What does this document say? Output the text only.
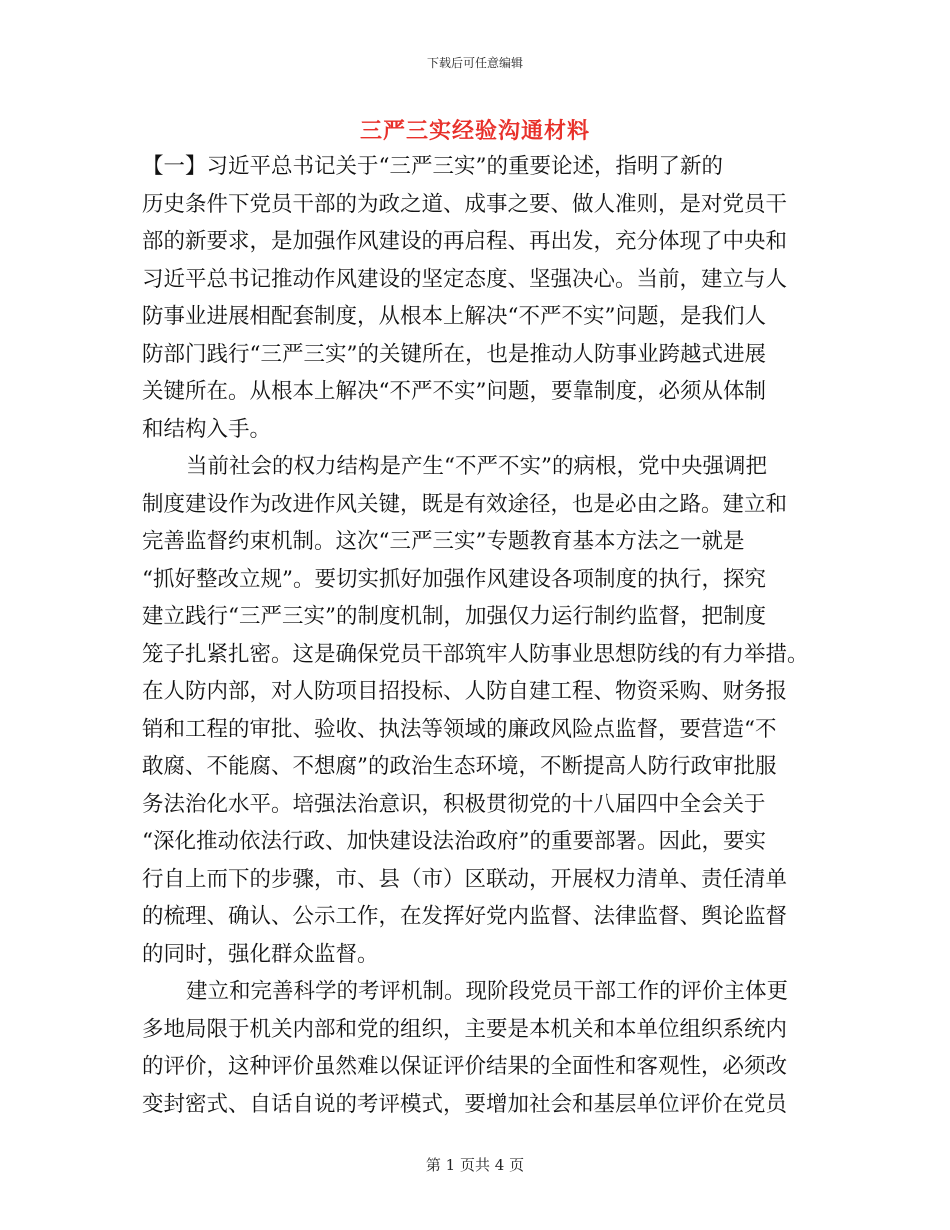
下载后可任意编辑
三严三实经验沟通材料
【一】习近平总书记关于“三严三实”的重要论述，指明了新的
历史条件下党员干部的为政之道、成事之要、做人准则，是对党员干
部的新要求，是加强作风建设的再启程、再出发，充分体现了中央和
习近平总书记推动作风建设的坚定态度、坚强决心。当前，建立与人
防事业进展相配套制度，从根本上解决“不严不实”问题，是我们人
防部门践行“三严三实”的关键所在，也是推动人防事业跨越式进展
关键所在。从根本上解决“不严不实”问题，要靠制度，必须从体制
和结构入手。
当前社会的权力结构是产生“不严不实”的病根，党中央强调把
制度建设作为改进作风关键，既是有效途径，也是必由之路。建立和
完善监督约束机制。这次“三严三实”专题教育基本方法之一就是
“抓好整改立规”。要切实抓好加强作风建设各项制度的执行，探究
建立践行“三严三实”的制度机制，加强仅力运行制约监督，把制度
笼子扎紧扎密。这是确保党员干部筑牢人防事业思想防线的有力举措。
在人防内部，对人防项目招投标、人防自建工程、物资采购、财务报
销和工程的审批、验收、执法等领域的廉政风险点监督，要营造“不
敢腐、不能腐、不想腐”的政治生态环境，不断提高人防行政审批服
务法治化水平。培强法治意识，积极贯彻党的十八届四中全会关于
“深化推动依法行政、加快建设法治政府”的重要部署。因此，要实
行自上而下的步骤，市、县（市）区联动，开展权力清单、责任清单
的梳理、确认、公示工作，在发挥好党内监督、法律监督、舆论监督
的同时，强化群众监督。
建立和完善科学的考评机制。现阶段党员干部工作的评价主体更
多地局限于机关内部和党的组织，主要是本机关和本单位组织系统内
的评价，这种评价虽然难以保证评价结果的全面性和客观性，必须改
变封密式、自话自说的考评模式，要增加社会和基层单位评价在党员
第 1 页共 4 页
